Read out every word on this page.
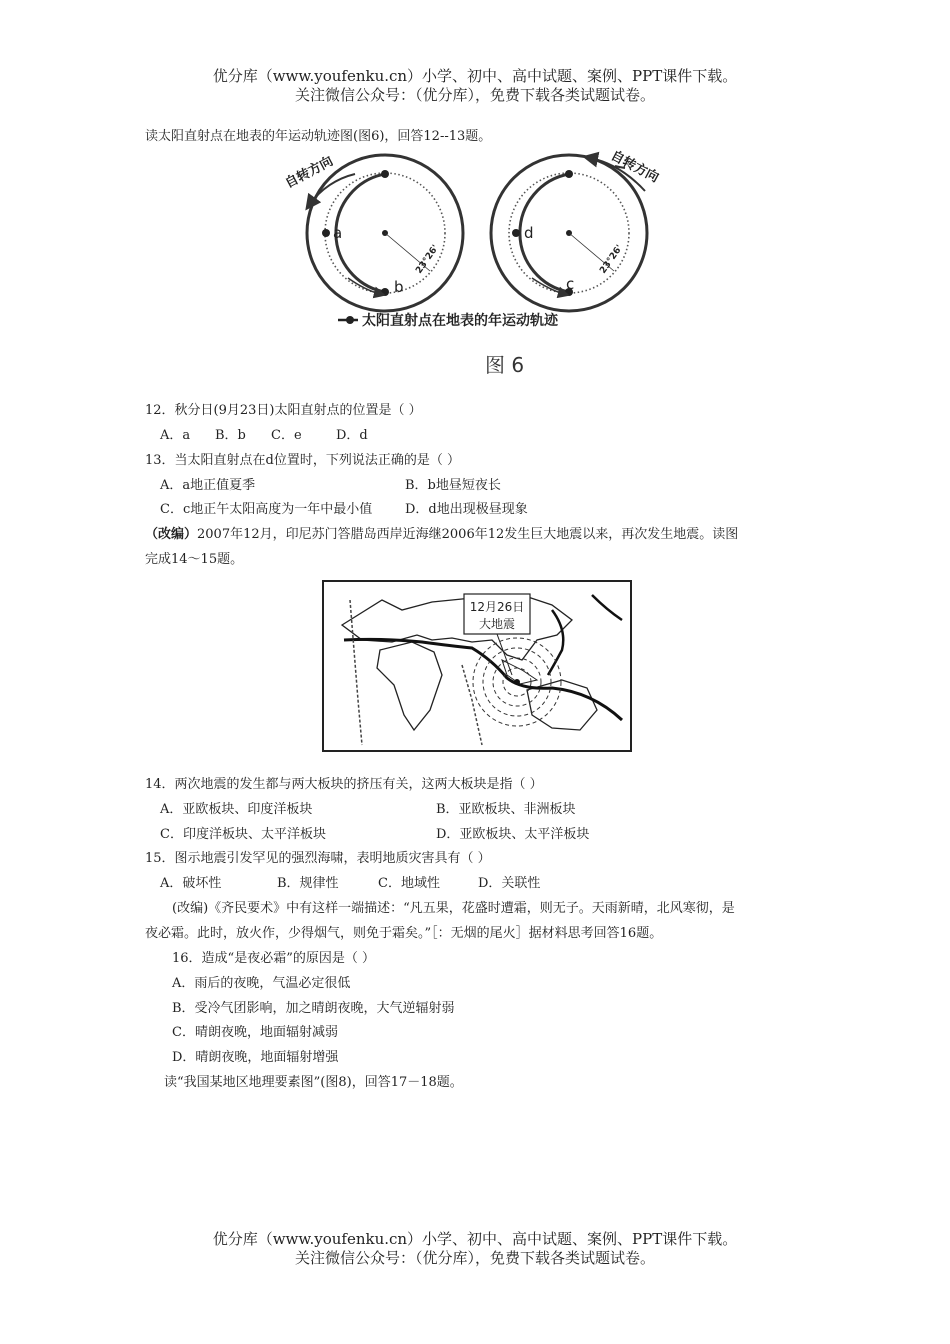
优分库（www.youfenku.cn）小学、初中、高中试题、案例、PPT课件下载。
关注微信公众号：（优分库），免费下载各类试题试卷。
读太阳直射点在地表的年运动轨迹图(图6)，回答12--13题。
a
b
23°26'
自转方向
d
c
23°26'
自转方向
太阳直射点在地表的年运动轨迹
图 6
12．秋分日(9月23日)太阳直射点的位置是（ ）
A．a B．b C．e	D．d
13．当太阳直射点在d位置时，下列说法正确的是（ ）
A．a地正值夏季	B．b地昼短夜长
C．c地正午太阳高度为一年中最小值	D．d地出现极昼现象
（改编）2007年12月，印尼苏门答腊岛西岸近海继2006年12发生巨大地震以来，再次发生地震。读图
完成14～15题。
12月26日
大地震
14．两次地震的发生都与两大板块的挤压有关，这两大板块是指（ ）
A．亚欧板块、印度洋板块	B．亚欧板块、非洲板块
C．印度洋板块、太平洋板块	D．亚欧板块、太平洋板块
15．图示地震引发罕见的强烈海啸，表明地质灾害具有（ ）
A．破坏性	B．规律性	C．地域性	D．关联性
(改编)《齐民要术》中有这样一端描述：“凡五果，花盛时遭霜，则无子。天雨新晴，北风寒彻，是
夜必霜。此时，放火作，少得烟气，则免于霜矣。”［：无烟的尾火］据材料思考回答16题。
16．造成“是夜必霜”的原因是（ ）
A．雨后的夜晚，气温必定很低
B．受冷气团影响，加之晴朗夜晚，大气逆辐射弱
C．晴朗夜晚，地面辐射减弱
D．晴朗夜晚，地面辐射增强
读“我国某地区地理要素图”(图8)，回答17－18题。
优分库（www.youfenku.cn）小学、初中、高中试题、案例、PPT课件下载。
关注微信公众号：（优分库），免费下载各类试题试卷。
